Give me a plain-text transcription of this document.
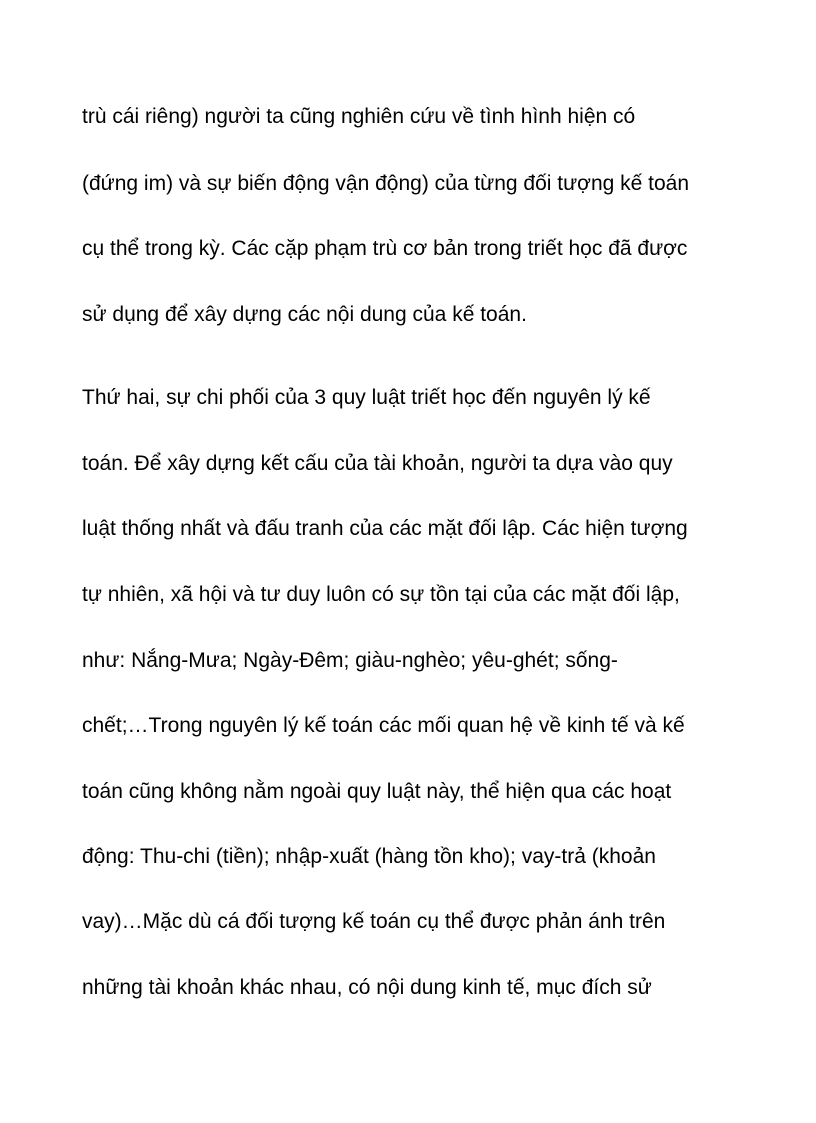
trù cái riêng) người ta cũng nghiên cứu về tình hình hiện có
(đứng im) và sự biến động vận động) của từng đối tượng kế toán
cụ thể trong kỳ. Các cặp phạm trù cơ bản trong triết học đã được
sử dụng để xây dựng các nội dung của kế toán.
Thứ hai, sự chi phối của 3 quy luật triết học đến nguyên lý kế
toán. Để xây dựng kết cấu của tài khoản, người ta dựa vào quy
luật thống nhất và đấu tranh của các mặt đối lập. Các hiện tượng
tự nhiên, xã hội và tư duy luôn có sự tồn tại của các mặt đối lập,
như: Nắng-Mưa; Ngày-Đêm; giàu-nghèo; yêu-ghét; sống-
chết;…Trong nguyên lý kế toán các mối quan hệ về kinh tế và kế
toán cũng không nằm ngoài quy luật này, thể hiện qua các hoạt
động: Thu-chi (tiền); nhập-xuất (hàng tồn kho); vay-trả (khoản
vay)…Mặc dù cá đối tượng kế toán cụ thể được phản ánh trên
những tài khoản khác nhau, có nội dung kinh tế, mục đích sử
